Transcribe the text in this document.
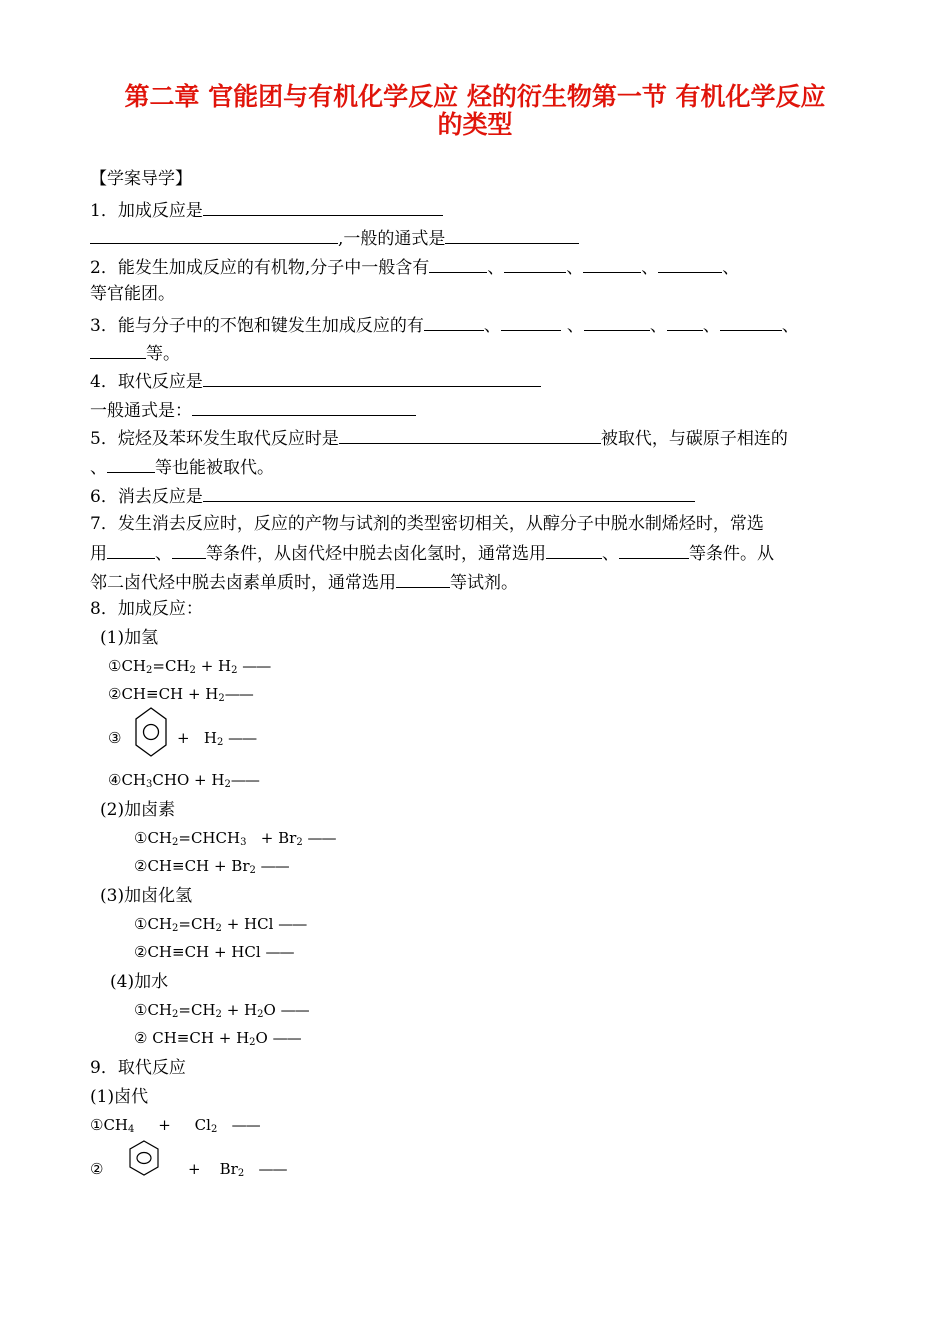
第二章 官能团与有机化学反应 烃的衍生物第一节 有机化学反应
的类型
【学案导学】
1．加成反应是
,一般的通式是
2．能发生加成反应的有机物,分子中一般含有	、	、	、	、
等官能团。
3．能与分子中的不饱和键发生加成反应的有	、	、	、 、	、
等。
4．取代反应是
一般通式是：
5．烷烃及苯环发生取代反应时是	被取代，与碳原子相连的
、	等也能被取代。
6．消去反应是
7．发生消去反应时，反应的产物与试剂的类型密切相关，从醇分子中脱水制烯烃时，常选
用	、 等条件，从卤代烃中脱去卤化氢时，通常选用	、	等条件。从
邻二卤代烃中脱去卤素单质时，通常选用	等试剂。
8．加成反应：
(1)加氢
$①CH_2=CH_2 + H_2$ ——
②CH≡CH + $H_2——$
③	+ $H_2$ ——
$④CH_3CHO$ + $H_2——$
(2)加卤素
$①CH_2=CHCH_3 + Br_2$ ——
②CH≡CH + $Br_2$ ——
(3)加卤化氢
$①CH_2=CH_2$ + HCl ——
②CH≡CH + HCl ——
(4)加水
$①CH_2=CH_2 + H_2O$ ——
② $CH\equiv CH + H_2O$ ——
9．取代反应
(1)卤代
$①CH_4 + Cl_2$ ——
②	+ $Br_2$ ——
